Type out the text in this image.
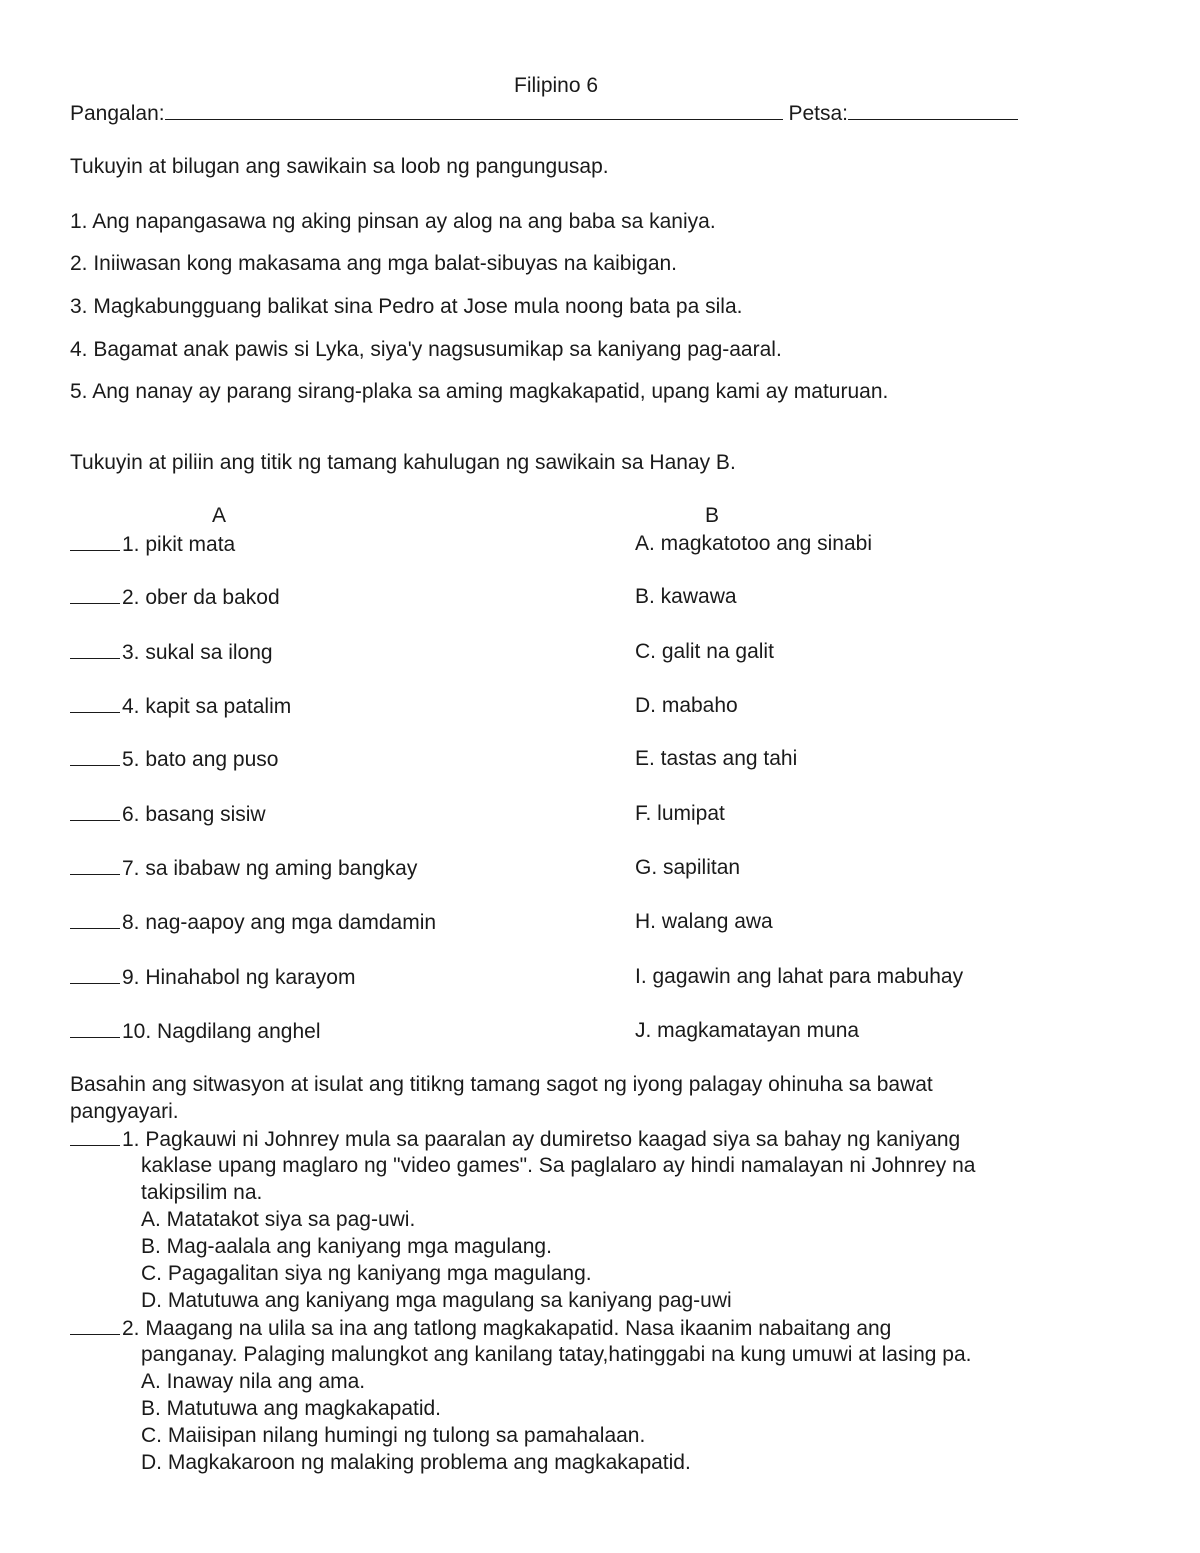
Filipino 6
Pangalan:	Petsa:
Tukuyin at bilugan ang sawikain sa loob ng pangungusap.
1. Ang napangasawa ng aking pinsan ay alog na ang baba sa kaniya.
2. Iniiwasan kong makasama ang mga balat-sibuyas na kaibigan.
3. Magkabungguang balikat sina Pedro at Jose mula noong bata pa sila.
4. Bagamat anak pawis si Lyka, siya'y nagsusumikap sa kaniyang pag-aaral.
5. Ang nanay ay parang sirang-plaka sa aming magkakapatid, upang kami ay maturuan.
Tukuyin at piliin ang titik ng tamang kahulugan ng sawikain sa Hanay B.
A	B
1. pikit mata
2. ober da bakod
3. sukal sa ilong
4. kapit sa patalim
5. bato ang puso
6. basang sisiw
7. sa ibabaw ng aming bangkay
8. nag-aapoy ang mga damdamin
9. Hinahabol ng karayom
10. Nagdilang anghel
A. magkatotoo ang sinabi
B. kawawa
C. galit na galit
D. mabaho
E. tastas ang tahi
F. lumipat
G. sapilitan
H. walang awa
I. gagawin ang lahat para mabuhay
J. magkamatayan muna
Basahin ang sitwasyon at isulat ang titikng tamang sagot ng iyong palagay ohinuha sa bawat
pangyayari.
1. Pagkauwi ni Johnrey mula sa paaralan ay dumiretso kaagad siya sa bahay ng kaniyang
kaklase upang maglaro ng "video games". Sa paglalaro ay hindi namalayan ni Johnrey na
takipsilim na.
A. Matatakot siya sa pag-uwi.
B. Mag-aalala ang kaniyang mga magulang.
C. Pagagalitan siya ng kaniyang mga magulang.
D. Matutuwa ang kaniyang mga magulang sa kaniyang pag-uwi
2. Maagang na ulila sa ina ang tatlong magkakapatid. Nasa ikaanim nabaitang ang
panganay. Palaging malungkot ang kanilang tatay,hatinggabi na kung umuwi at lasing pa.
A. Inaway nila ang ama.
B. Matutuwa ang magkakapatid.
C. Maiisipan nilang humingi ng tulong sa pamahalaan.
D. Magkakaroon ng malaking problema ang magkakapatid.
